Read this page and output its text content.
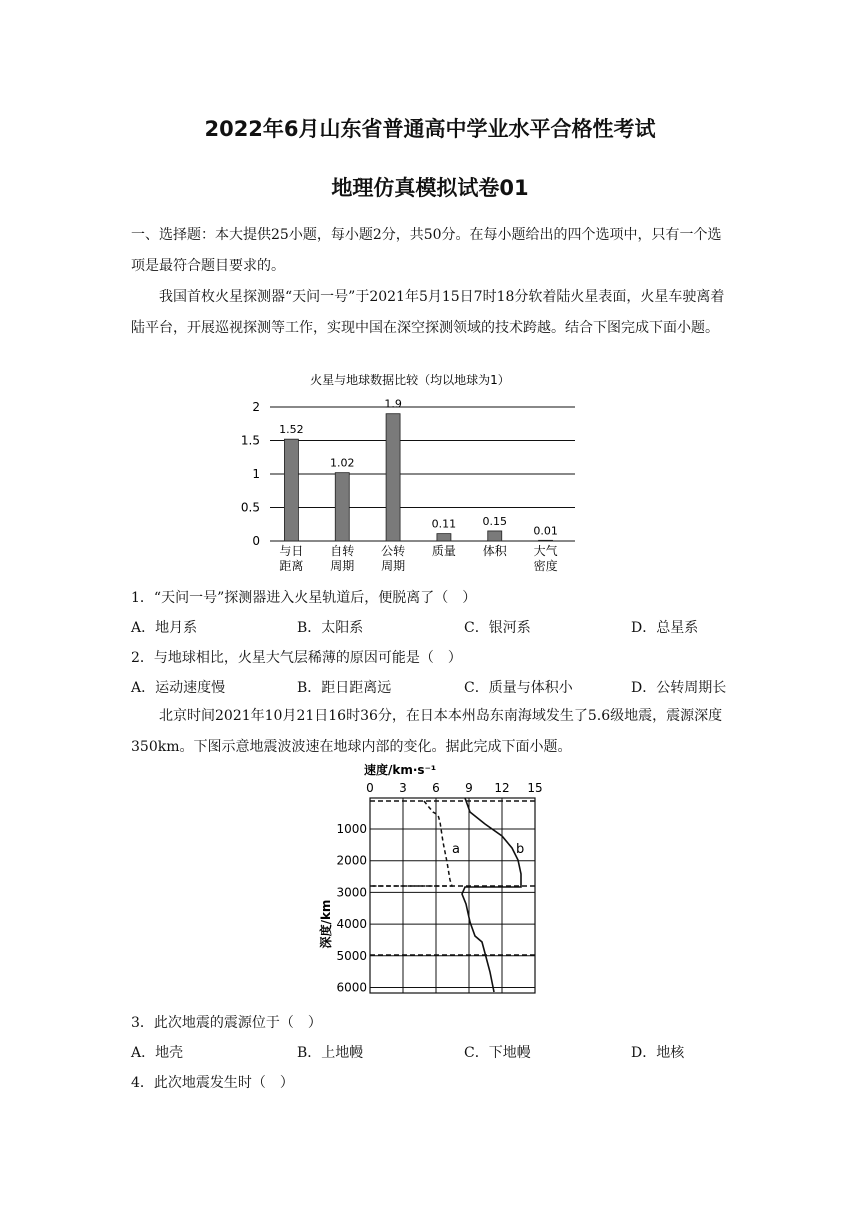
2022年6月山东省普通高中学业水平合格性考试
地理仿真模拟试卷01
一、选择题：本大提供25小题，每小题2分，共50分。在每小题给出的四个选项中，只有一个选项是最符合题目要求的。
我国首枚火星探测器“天问一号”于2021年5月15日7时18分软着陆火星表面，火星车驶离着陆平台，开展巡视探测等工作，实现中国在深空探测领域的技术跨越。结合下图完成下面小题。
火星与地球数据比较（均以地球为1）
0
0.5
1
1.5
2
1.52
1.02
1.9
0.11 0.15
0.01
与日
距离
自转
周期
公转
周期
质量 体积 大气
密度
1．“天问一号”探测器进入火星轨道后，便脱离了（　）
A．地月系	B．太阳系	C．银河系	D．总星系
2．与地球相比，火星大气层稀薄的原因可能是（　）
A．运动速度慢	B．距日距离远	C．质量与体积小	D．公转周期长
北京时间2021年10月21日16时36分，在日本本州岛东南海域发生了5.6级地震，震源深度350km。下图示意地震波波速在地球内部的变化。据此完成下面小题。
速度/km·s⁻¹
0 3 6 9 12 15
1000
2000
3000
4000
5000
6000
深度/km
a	b
3．此次地震的震源位于（　）
A．地壳	B．上地幔	C．下地幔	D．地核
4．此次地震发生时（　）
